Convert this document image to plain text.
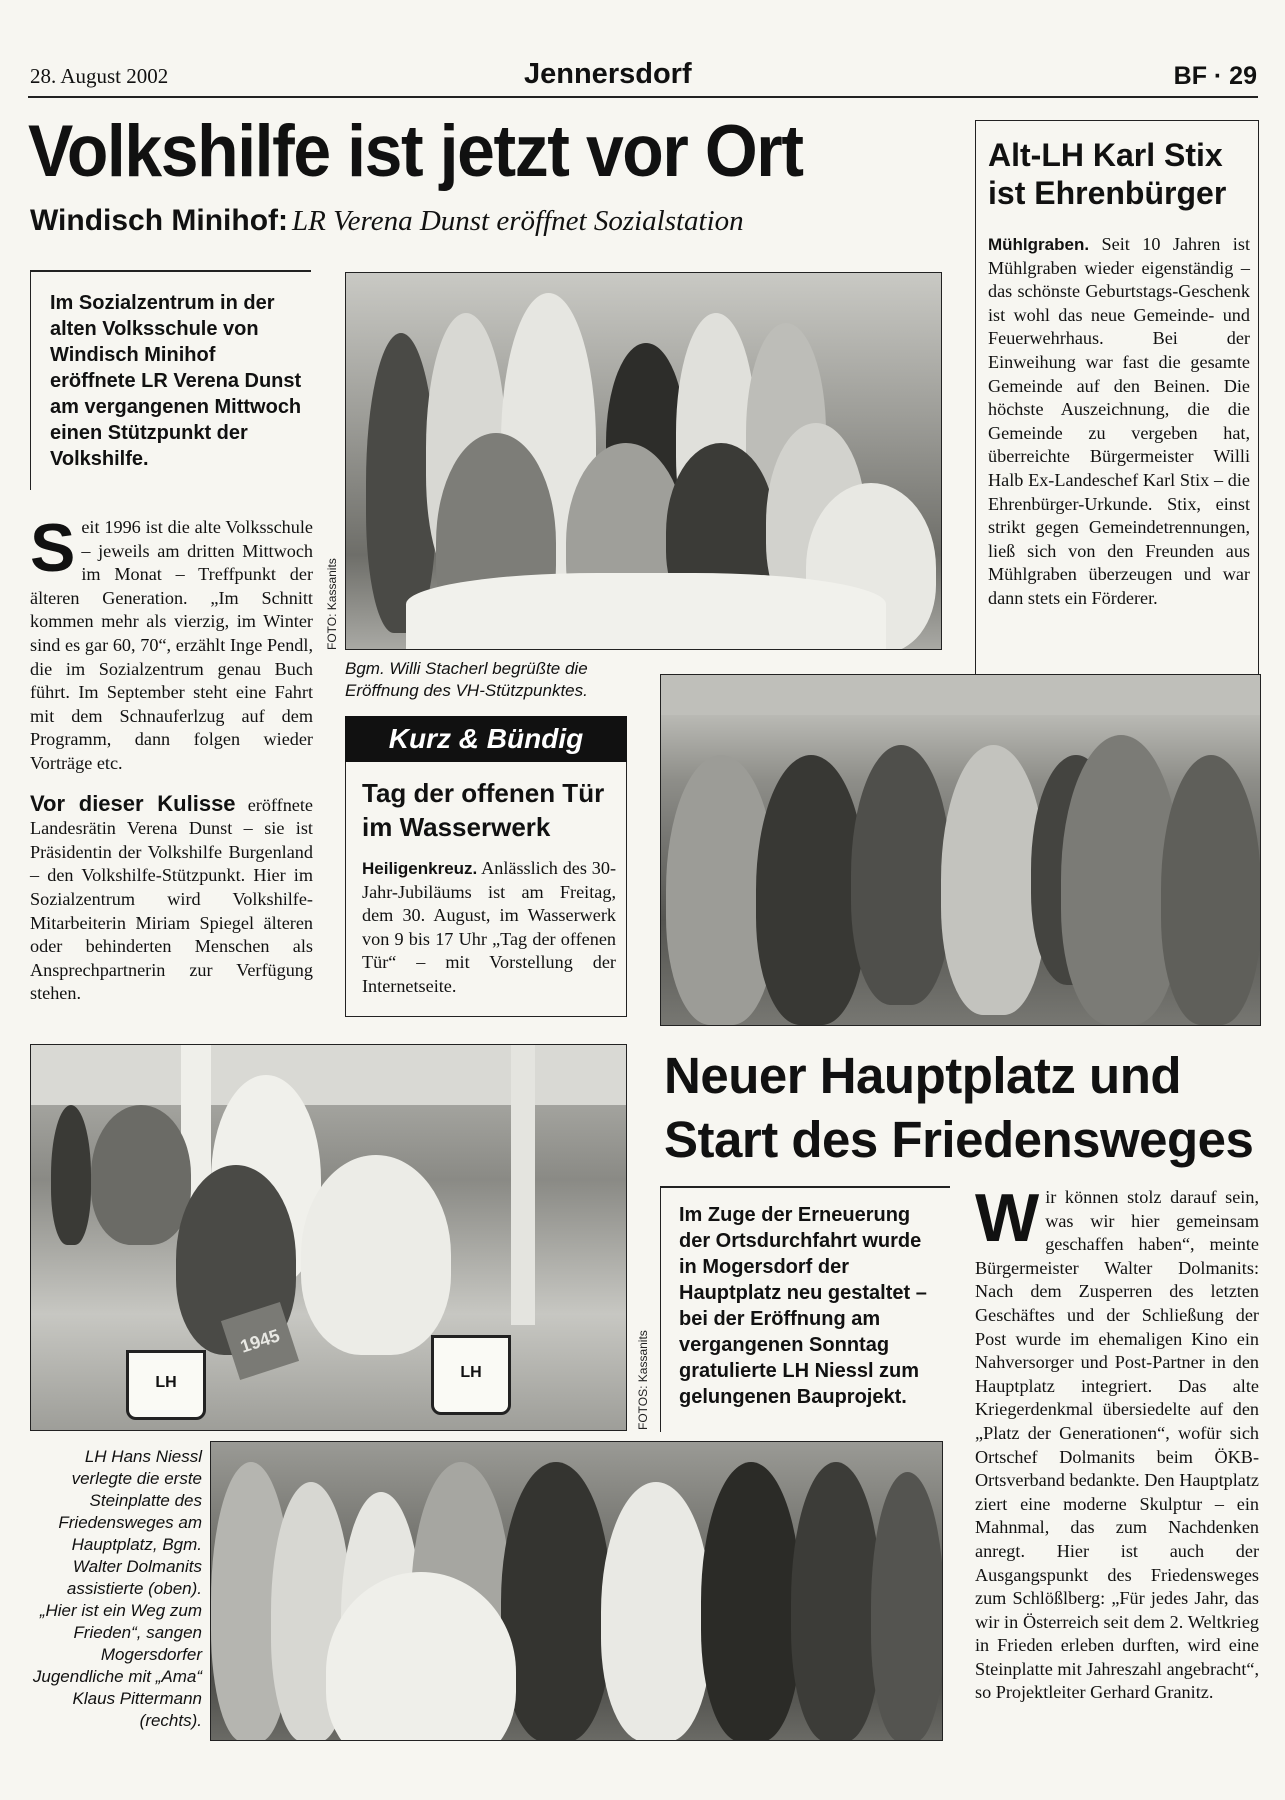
28. August 2002	Jennersdorf	BF · 29
Volkshilfe ist jetzt vor Ort
Windisch Minihof: LR Verena Dunst eröffnet Sozialstation
Im Sozialzentrum in der alten Volksschule von Windisch Minihof eröffnete LR Verena Dunst am vergangenen Mittwoch einen Stützpunkt der Volkshilfe.
Seit 1996 ist die alte Volksschule – jeweils am dritten Mittwoch im Monat – Treffpunkt der älteren Generation. „Im Schnitt kommen mehr als vierzig, im Winter sind es gar 60, 70“, erzählt Inge Pendl, die im Sozialzentrum genau Buch führt. Im September steht eine Fahrt mit dem Schnauferlzug auf dem Programm, dann folgen wieder Vorträge etc.
Vor dieser Kulisse eröffnete Landesrätin Verena Dunst – sie ist Präsidentin der Volkshilfe Burgenland – den Volkshilfe-Stützpunkt. Hier im Sozialzentrum wird Volkshilfe-Mitarbeiterin Miriam Spiegel älteren oder behinderten Menschen als Ansprechpartnerin zur Verfügung stehen.
FOTO: Kassanits
Bgm. Willi Stacherl begrüßte die Eröffnung des VH-Stützpunktes.
Alt-LH Karl Stix ist Ehrenbürger
Mühlgraben. Seit 10 Jahren ist Mühlgraben wieder eigenständig – das schönste Geburtstags-Geschenk ist wohl das neue Gemeinde- und Feuerwehrhaus. Bei der Einweihung war fast die gesamte Gemeinde auf den Beinen. Die höchste Auszeichnung, die die Gemeinde zu vergeben hat, überreichte Bürgermeister Willi Halb Ex-Landeschef Karl Stix – die Ehrenbürger-Urkunde. Stix, einst strikt gegen Gemeindetrennungen, ließ sich von den Freunden aus Mühlgraben überzeugen und war dann stets ein Förderer.
Kurz & Bündig
Tag der offenen Tür im Wasserwerk
Heiligenkreuz. Anlässlich des 30-Jahr-Jubiläums ist am Freitag, dem 30. August, im Wasserwerk von 9 bis 17 Uhr „Tag der offenen Tür“ – mit Vorstellung der Internetseite.
Neuer Hauptplatz und Start des Friedensweges
1945
LH
LH	FOTOS: Kassanits
Im Zuge der Erneuerung der Ortsdurchfahrt wurde in Mogersdorf der Hauptplatz neu gestaltet – bei der Eröffnung am vergangenen Sonntag gratulierte LH Niessl zum gelungenen Bauprojekt.
Wir können stolz darauf sein, was wir hier gemeinsam geschaffen haben“, meinte Bürgermeister Walter Dolmanits: Nach dem Zusperren des letzten Geschäftes und der Schließung der Post wurde im ehemaligen Kino ein Nahversorger und Post-Partner in den Hauptplatz integriert. Das alte Kriegerdenkmal übersiedelte auf den „Platz der Generationen“, wofür sich Ortschef Dolmanits beim ÖKB-Ortsverband bedankte. Den Hauptplatz ziert eine moderne Skulptur – ein Mahnmal, das zum Nachdenken anregt. Hier ist auch der Ausgangspunkt des Friedensweges zum Schlößlberg: „Für jedes Jahr, das wir in Österreich seit dem 2. Weltkrieg in Frieden erleben durften, wird eine Steinplatte mit Jahreszahl angebracht“, so Projektleiter Gerhard Granitz.
LH Hans Niessl verlegte die erste Steinplatte des Friedensweges am Hauptplatz, Bgm. Walter Dolmanits assistierte (oben). „Hier ist ein Weg zum Frieden“, sangen Mogersdorfer Jugendliche mit „Ama“ Klaus Pittermann (rechts).
